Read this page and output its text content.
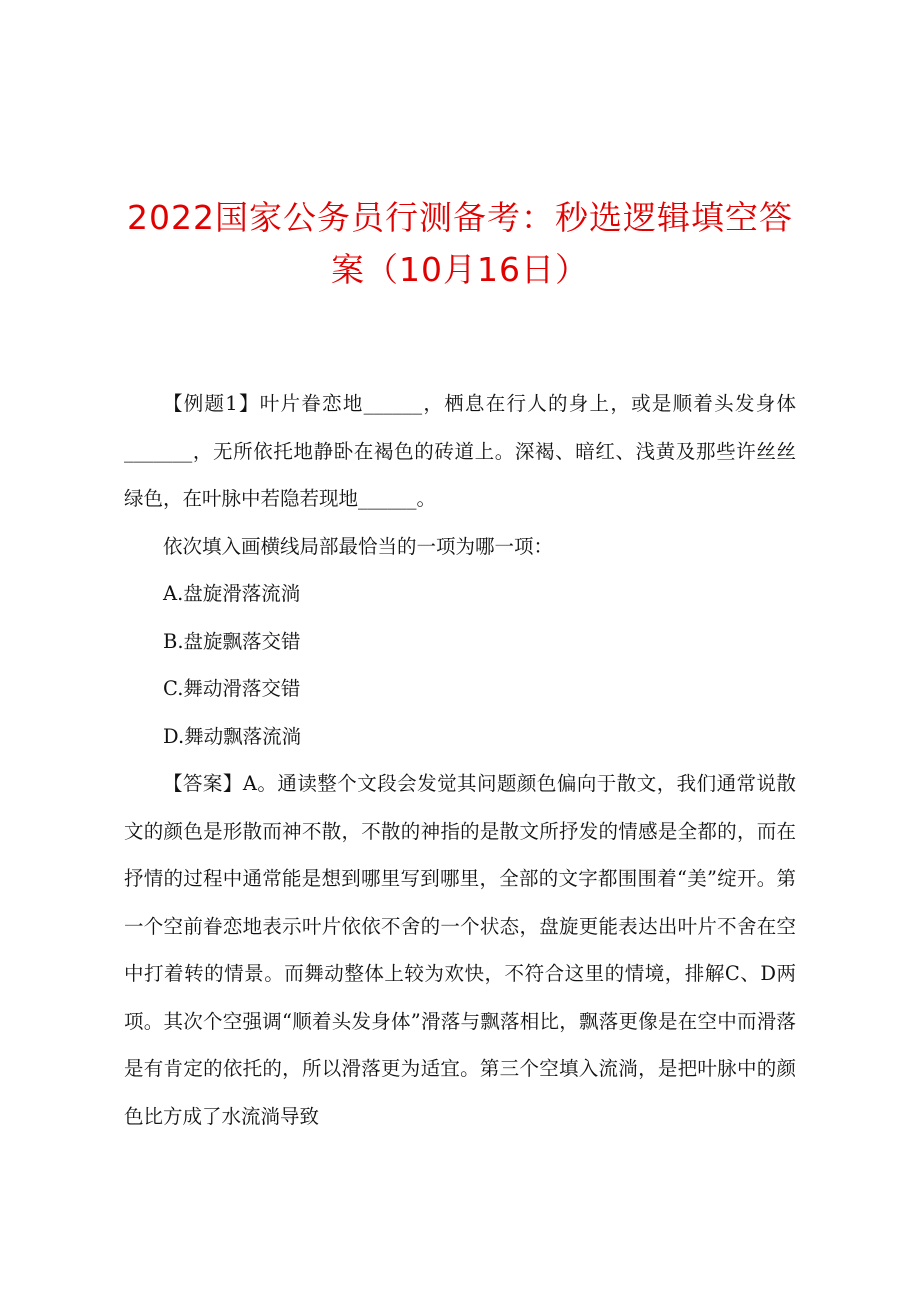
2022国家公务员行测备考：秒选逻辑填空答案（10月16日）

【例题1】叶片眷恋地______，栖息在行人的身上，或是顺着头发身体_______，无所依托地静卧在褐色的砖道上。深褐、暗红、浅黄及那些许丝丝绿色，在叶脉中若隐若现地______。

依次填入画横线局部最恰当的一项为哪一项：

A.盘旋滑落流淌

B.盘旋飘落交错

C.舞动滑落交错

D.舞动飘落流淌

【答案】A。通读整个文段会发觉其问题颜色偏向于散文，我们通常说散文的颜色是形散而神不散，不散的神指的是散文所抒发的情感是全都的，而在抒情的过程中通常能是想到哪里写到哪里，全部的文字都围围着“美”绽开。第一个空前眷恋地表示叶片依依不舍的一个状态，盘旋更能表达出叶片不舍在空中打着转的情景。而舞动整体上较为欢快，不符合这里的情境，排解C、D两项。其次个空强调“顺着头发身体”滑落与飘落相比，飘落更像是在空中而滑落是有肯定的依托的，所以滑落更为适宜。第三个空填入流淌，是把叶脉中的颜色比方成了水流淌导致
